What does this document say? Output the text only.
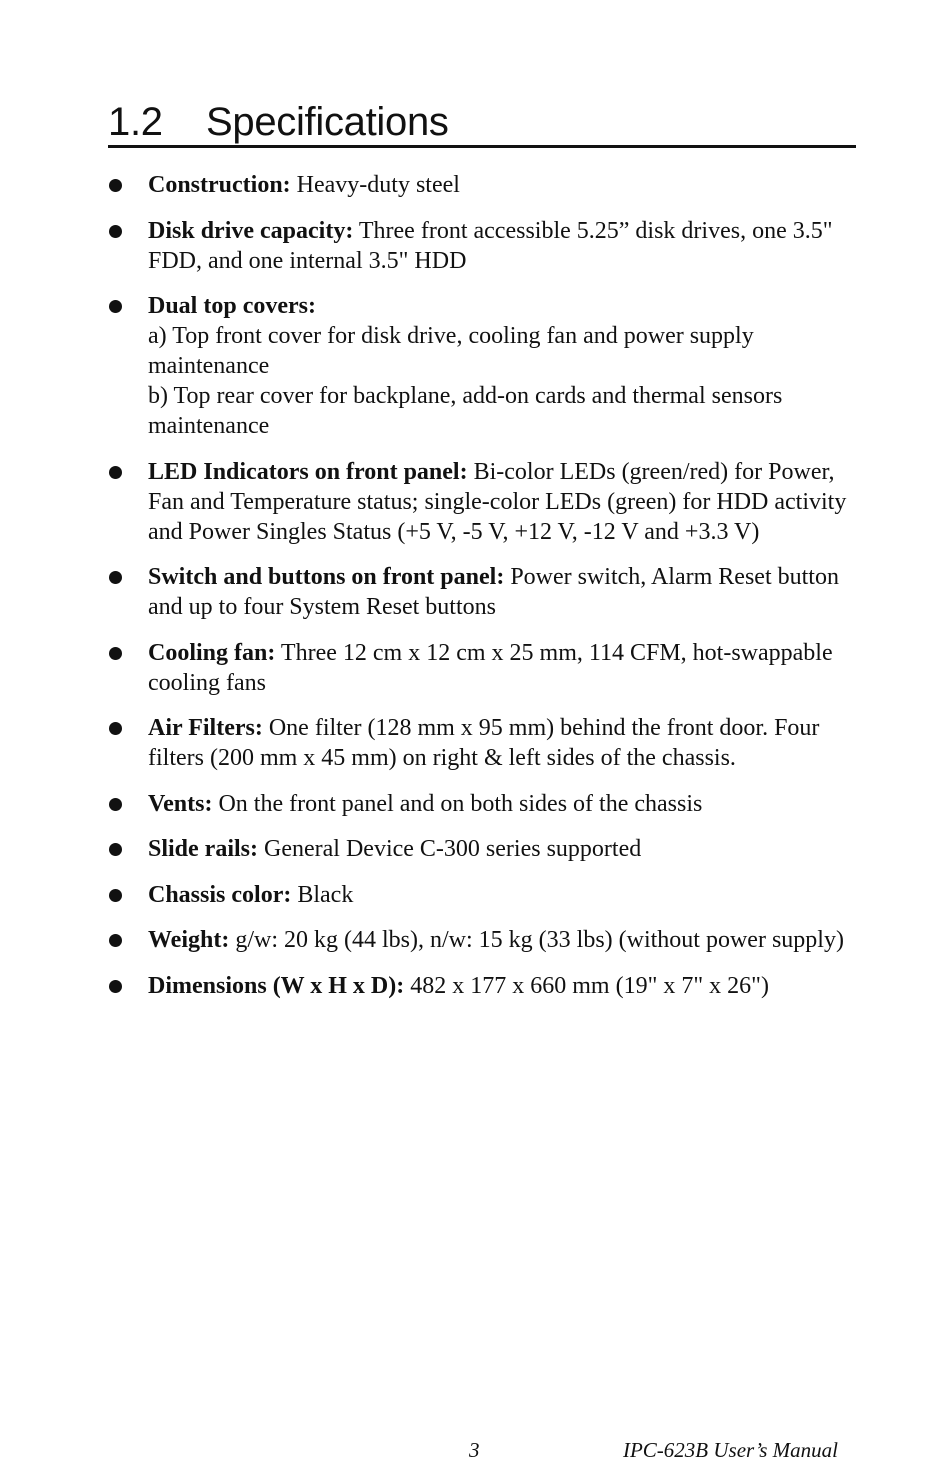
1.2 Specifications
Construction: Heavy-duty steel
Disk drive capacity: Three front accessible 5.25” disk drives, one 3.5" FDD, and one internal 3.5" HDD
Dual top covers:
a) Top front cover for disk drive, cooling fan and power supply maintenance
b) Top rear cover for backplane, add-on cards and thermal sensors maintenance
LED Indicators on front panel: Bi-color LEDs (green/red) for Power, Fan and Temperature status; single-color LEDs (green) for HDD activity and Power Singles Status (+5 V, -5 V, +12 V, -12 V and +3.3 V)
Switch and buttons on front panel: Power switch, Alarm Reset button and up to four System Reset buttons
Cooling fan: Three 12 cm x 12 cm x 25 mm, 114 CFM, hot-swappable cooling fans
Air Filters: One filter (128 mm x 95 mm) behind the front door. Four filters (200 mm x 45 mm) on right & left sides of the chassis.
Vents: On the front panel and on both sides of the chassis
Slide rails: General Device C-300 series supported
Chassis color: Black
Weight: g/w: 20 kg (44 lbs), n/w: 15 kg (33 lbs) (without power supply)
Dimensions (W x H x D): 482 x 177 x 660 mm (19" x 7" x 26")
3	IPC-623B User’s Manual
